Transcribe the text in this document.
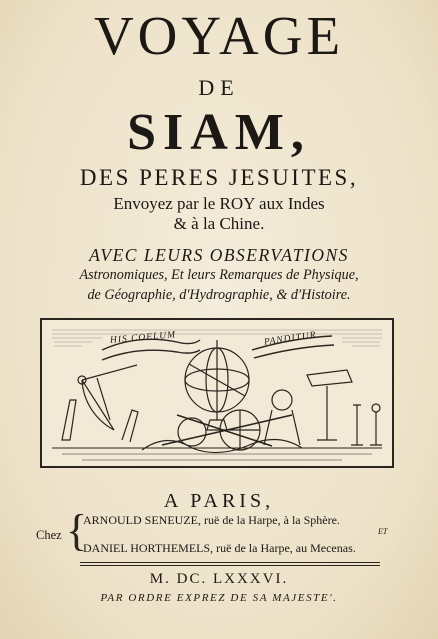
VOYAGE
DE
SIAM,
DES PERES JESUITES,
Envoyez par le ROY aux Indes
& à la Chine.
AVEC LEURS OBSERVATIONS
Astronomiques, Et leurs Remarques de Physique,
de Géographie, d'Hydrographie, & d'Histoire.
HIS COELUM	PANDITUR
A PARIS,
Chez {
ARNOULD SENEUZE, ruë de la Harpe, à la Sphère.
ET
DANIEL HORTHEMELS, ruë de la Harpe, au Mecenas.
M. DC. LXXXVI.
PAR ORDRE EXPREZ DE SA MAJESTE'.
